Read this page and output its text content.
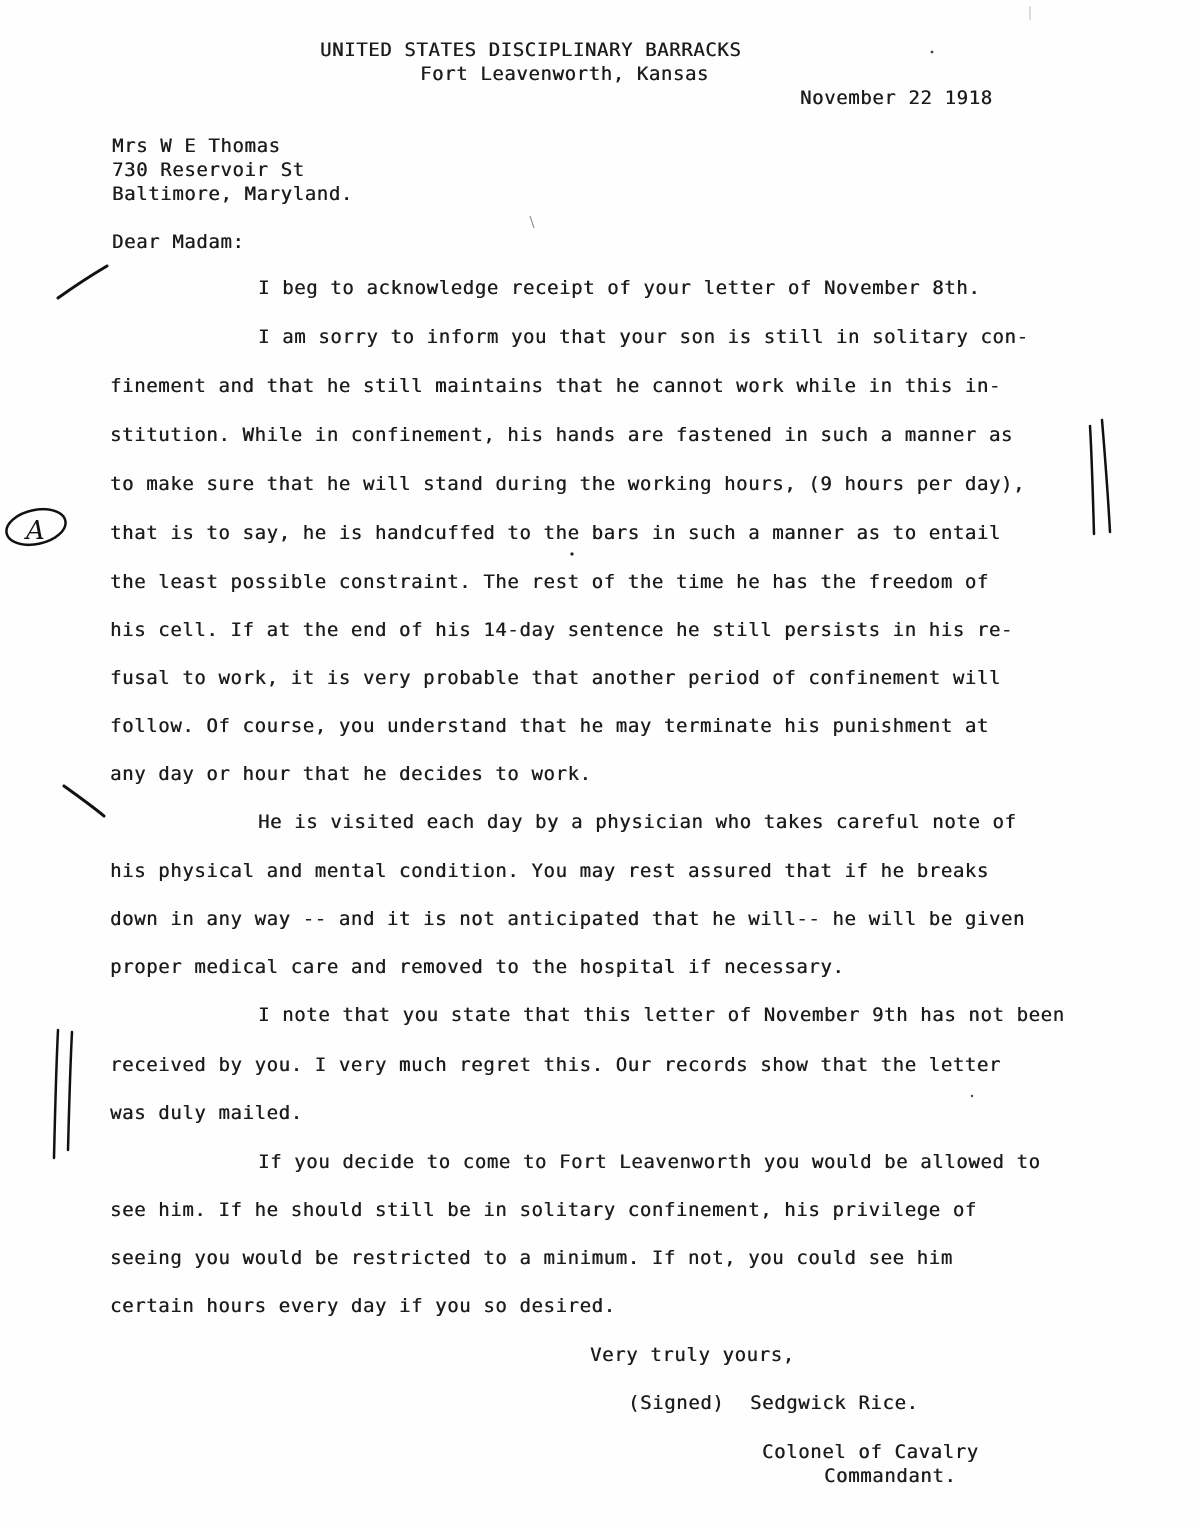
UNITED STATES DISCIPLINARY BARRACKS
Fort Leavenworth, Kansas
November 22 1918
Mrs W E Thomas
730 Reservoir St
Baltimore, Maryland.
Dear Madam:
I beg to acknowledge receipt of your letter of November 8th.
I am sorry to inform you that your son is still in solitary con-
finement and that he still maintains that he cannot work while in this in-
stitution. While in confinement, his hands are fastened in such a manner as
to make sure that he will stand during the working hours, (9 hours per day),
that is to say, he is handcuffed to the bars in such a manner as to entail
the least possible constraint. The rest of the time he has the freedom of
his cell. If at the end of his 14-day sentence he still persists in his re-
fusal to work, it is very probable that another period of confinement will
follow. Of course, you understand that he may terminate his punishment at
any day or hour that he decides to work.
He is visited each day by a physician who takes careful note of
his physical and mental condition. You may rest assured that if he breaks
down in any way -- and it is not anticipated that he will-- he will be given
proper medical care and removed to the hospital if necessary.
I note that you state that this letter of November 9th has not been
received by you. I very much regret this. Our records show that the letter
was duly mailed.
If you decide to come to Fort Leavenworth you would be allowed to
see him. If he should still be in solitary confinement, his privilege of
seeing you would be restricted to a minimum. If not, you could see him
certain hours every day if you so desired.
Very truly yours,
(Signed) Sedgwick Rice.
Colonel of Cavalry
Commandant.
A
